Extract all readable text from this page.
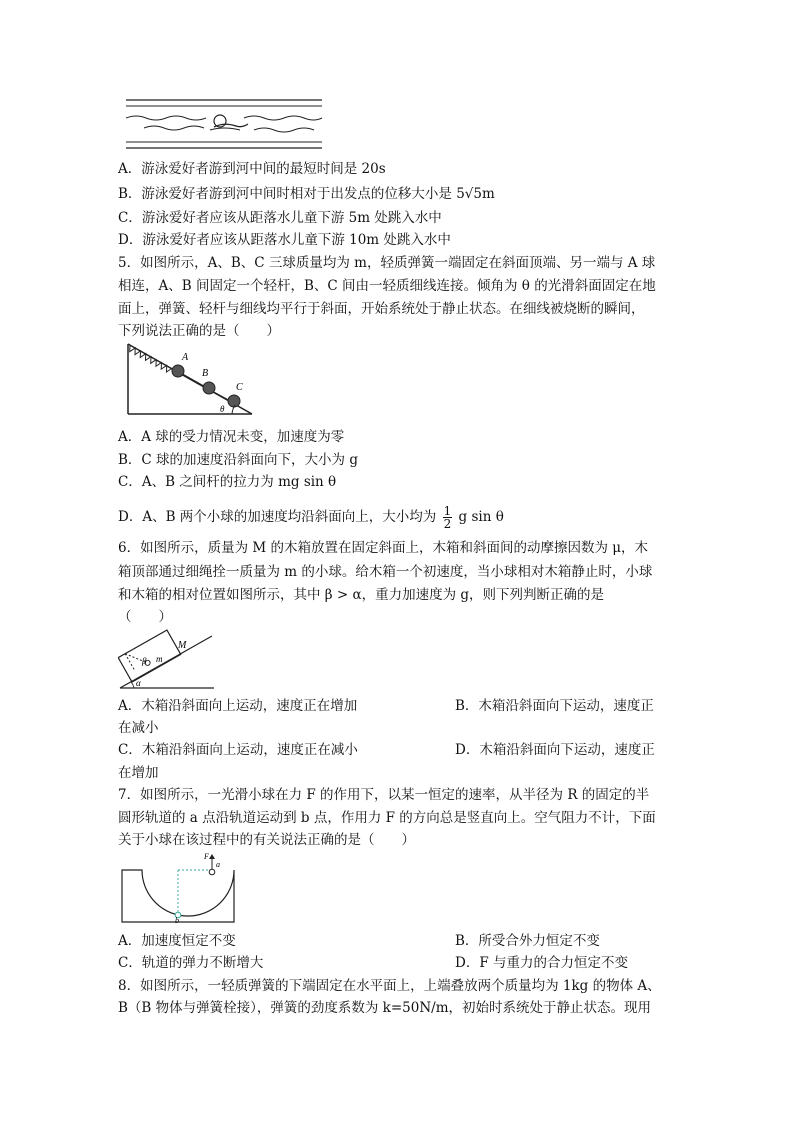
A．游泳爱好者游到河中间的最短时间是 20s
B．游泳爱好者游到河中间时相对于出发点的位移大小是 5√5m
C．游泳爱好者应该从距落水儿童下游 5m 处跳入水中
D．游泳爱好者应该从距落水儿童下游 10m 处跳入水中
5．如图所示，A、B、C 三球质量均为 m，轻质弹簧一端固定在斜面顶端、另一端与 A 球
相连，A、B 间固定一个轻杆，B、C 间由一轻质细线连接。倾角为 θ 的光滑斜面固定在地
面上，弹簧、轻杆与细线均平行于斜面，开始系统处于静止状态。在细线被烧断的瞬间，
下列说法正确的是（　　）
A
B
C
θ
A．A 球的受力情况未变，加速度为零
B．C 球的加速度沿斜面向下，大小为 g
C．A、B 之间杆的拉力为 mg sin θ
D．A、B 两个小球的加速度均沿斜面向上，大小均为 $\frac{1}{2}$ g sin θ
6．如图所示，质量为 M 的木箱放置在固定斜面上，木箱和斜面间的动摩擦因数为 μ，木
箱顶部通过细绳拴一质量为 m 的小球。给木箱一个初速度，当小球相对木箱静止时，小球
和木箱的相对位置如图所示，其中 β > α，重力加速度为 g，则下列判断正确的是
（　　）
M
m
β
α
A．木箱沿斜面向上运动，速度正在增加	B．木箱沿斜面向下运动，速度正
在减小
C．木箱沿斜面向上运动，速度正在减小	D．木箱沿斜面向下运动，速度正
在增加
7．如图所示，一光滑小球在力 F 的作用下，以某一恒定的速率，从半径为 R 的固定的半
圆形轨道的 a 点沿轨道运动到 b 点，作用力 F 的方向总是竖直向上。空气阻力不计，下面
关于小球在该过程中的有关说法正确的是（　　）
F
a
b
A．加速度恒定不变	B．所受合外力恒定不变
C．轨道的弹力不断增大	D．F 与重力的合力恒定不变
8．如图所示，一轻质弹簧的下端固定在水平面上，上端叠放两个质量均为 1kg 的物体 A、
B（B 物体与弹簧栓接），弹簧的劲度系数为 k=50N/m，初始时系统处于静止状态。现用
